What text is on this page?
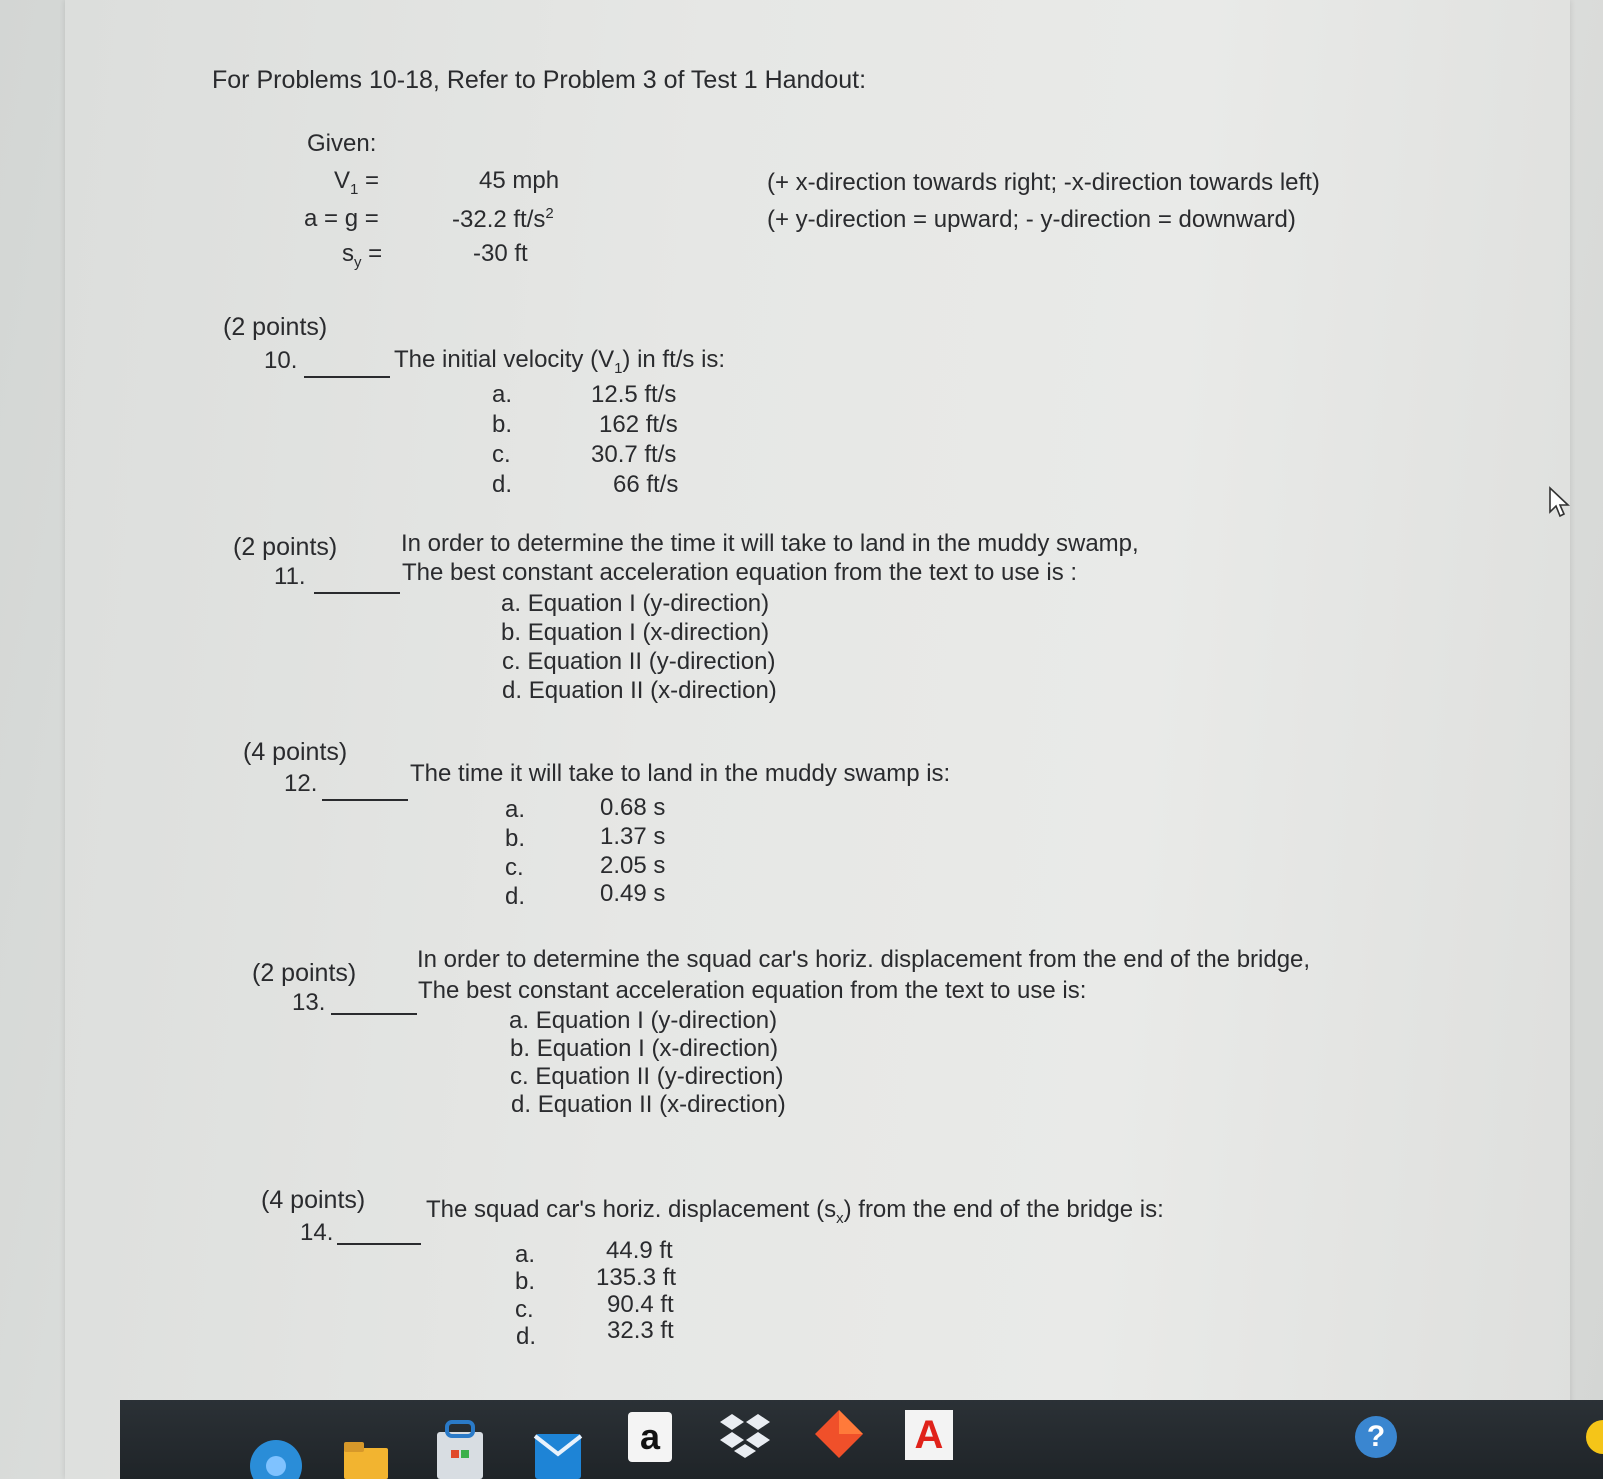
For Problems 10-18, Refer to Problem 3 of Test 1 Handout:
Given:
$V_1$ =	45 mph	(+ x-direction towards right; -x-direction towards left)
a = g =	-32.2 $ft/s^2$	(+ y-direction = upward; - y-direction = downward)
$s_y$ =	-30 ft
(2 points)
10.	The initial velocity $(V_1)$ in ft/s is:
a.	12.5 ft/s
b.	162 ft/s
c.	30.7 ft/s
d.	66 ft/s
(2 points)
11.
In order to determine the time it will take to land in the muddy swamp,
The best constant acceleration equation from the text to use is :
a. Equation I (y-direction)
b. Equation I (x-direction)
c. Equation II (y-direction)
d. Equation II (x-direction)
(4 points)
12.	The time it will take to land in the muddy swamp is:
a.	0.68 s
b.	1.37 s
c.	2.05 s
d.	0.49 s
(2 points)
13.
In order to determine the squad car's horiz. displacement from the end of the bridge,
The best constant acceleration equation from the text to use is:
a. Equation I (y-direction)
b. Equation I (x-direction)
c. Equation II (y-direction)
d. Equation II (x-direction)
(4 points)
14.
The squad car's horiz. displacement $(s_x)$ from the end of the bridge is:
a.	44.9 ft
b.	135.3 ft
c.	90.4 ft
d.	32.3 ft
a	A	?
